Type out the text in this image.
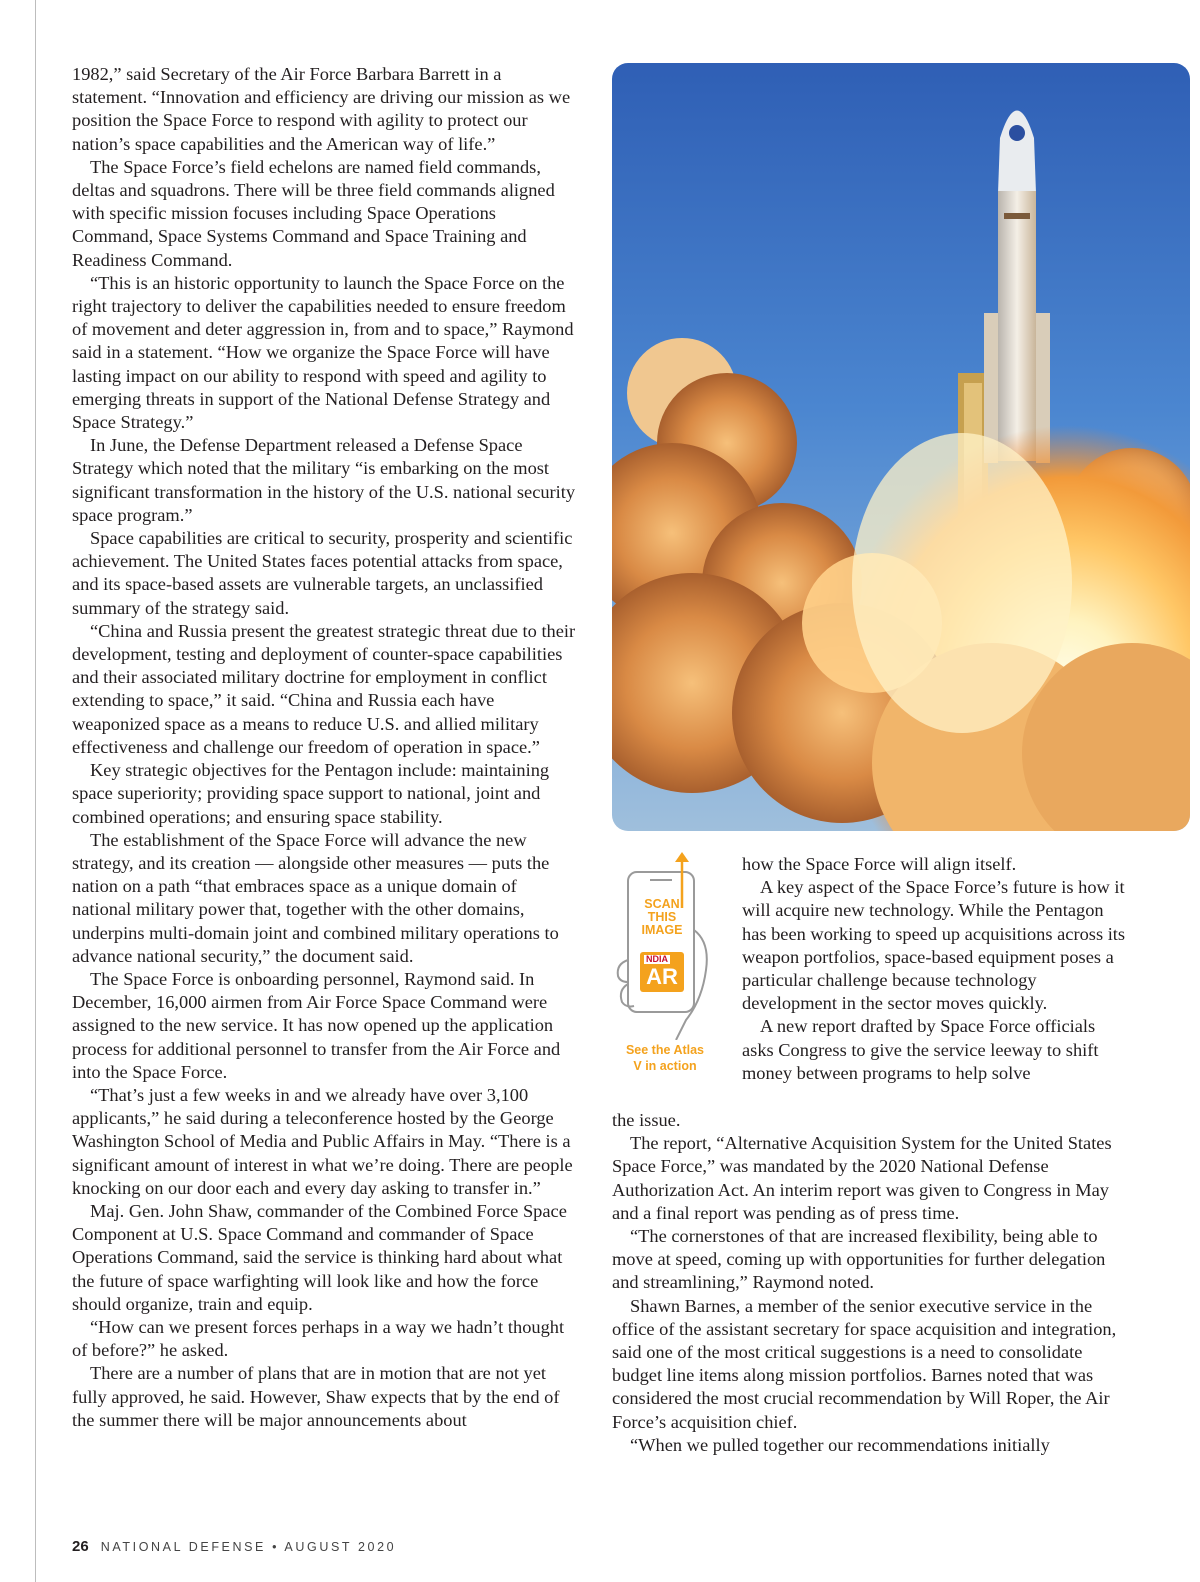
1982,” said Secretary of the Air Force Barbara Barrett in a statement. “Innovation and efficiency are driving our mission as we position the Space Force to respond with agility to protect our nation’s space capabilities and the American way of life.”

The Space Force’s field echelons are named field commands, deltas and squadrons. There will be three field commands aligned with specific mission focuses including Space Operations Command, Space Systems Command and Space Training and Readiness Command.

“This is an historic opportunity to launch the Space Force on the right trajectory to deliver the capabilities needed to ensure freedom of movement and deter aggression in, from and to space,” Raymond said in a statement. “How we organize the Space Force will have lasting impact on our ability to respond with speed and agility to emerging threats in support of the National Defense Strategy and Space Strategy.”

In June, the Defense Department released a Defense Space Strategy which noted that the military “is embarking on the most significant transformation in the history of the U.S. national security space program.”

Space capabilities are critical to security, prosperity and scientific achievement. The United States faces potential attacks from space, and its space-based assets are vulnerable targets, an unclassified summary of the strategy said.

“China and Russia present the greatest strategic threat due to their development, testing and deployment of counter-space capabilities and their associated military doctrine for employment in conflict extending to space,” it said. “China and Russia each have weaponized space as a means to reduce U.S. and allied military effectiveness and challenge our freedom of operation in space.”

Key strategic objectives for the Pentagon include: maintaining space superiority; providing space support to national, joint and combined operations; and ensuring space stability.

The establishment of the Space Force will advance the new strategy, and its creation — alongside other measures — puts the nation on a path “that embraces space as a unique domain of national military power that, together with the other domains, underpins multi-domain joint and combined military operations to advance national security,” the document said.

The Space Force is onboarding personnel, Raymond said. In December, 16,000 airmen from Air Force Space Command were assigned to the new service. It has now opened up the application process for additional personnel to transfer from the Air Force and into the Space Force.

“That’s just a few weeks in and we already have over 3,100 applicants,” he said during a teleconference hosted by the George Washington School of Media and Public Affairs in May. “There is a significant amount of interest in what we’re doing. There are people knocking on our door each and every day asking to transfer in.”

Maj. Gen. John Shaw, commander of the Combined Force Space Component at U.S. Space Command and commander of Space Operations Command, said the service is thinking hard about what the future of space warfighting will look like and how the force should organize, train and equip.

“How can we present forces perhaps in a way we hadn’t thought of before?” he asked.

There are a number of plans that are in motion that are not yet fully approved, he said. However, Shaw expects that by the end of the summer there will be major announcements about

SCAN THIS IMAGE
NDIA
AR
See the Atlas V in action

how the Space Force will align itself.

A key aspect of the Space Force’s future is how it will acquire new technology. While the Pentagon has been working to speed up acquisitions across its weapon portfolios, space-based equipment poses a particular challenge because technology development in the sector moves quickly.

A new report drafted by Space Force officials asks Congress to give the service leeway to shift money between programs to help solve

the issue.

The report, “Alternative Acquisition System for the United States Space Force,” was mandated by the 2020 National Defense Authorization Act. An interim report was given to Congress in May and a final report was pending as of press time.

“The cornerstones of that are increased flexibility, being able to move at speed, coming up with opportunities for further delegation and streamlining,” Raymond noted.

Shawn Barnes, a member of the senior executive service in the office of the assistant secretary for space acquisition and integration, said one of the most critical suggestions is a need to consolidate budget line items along mission portfolios. Barnes noted that was considered the most crucial recommendation by Will Roper, the Air Force’s acquisition chief.

“When we pulled together our recommendations initially

26 NATIONAL DEFENSE • AUGUST 2020
